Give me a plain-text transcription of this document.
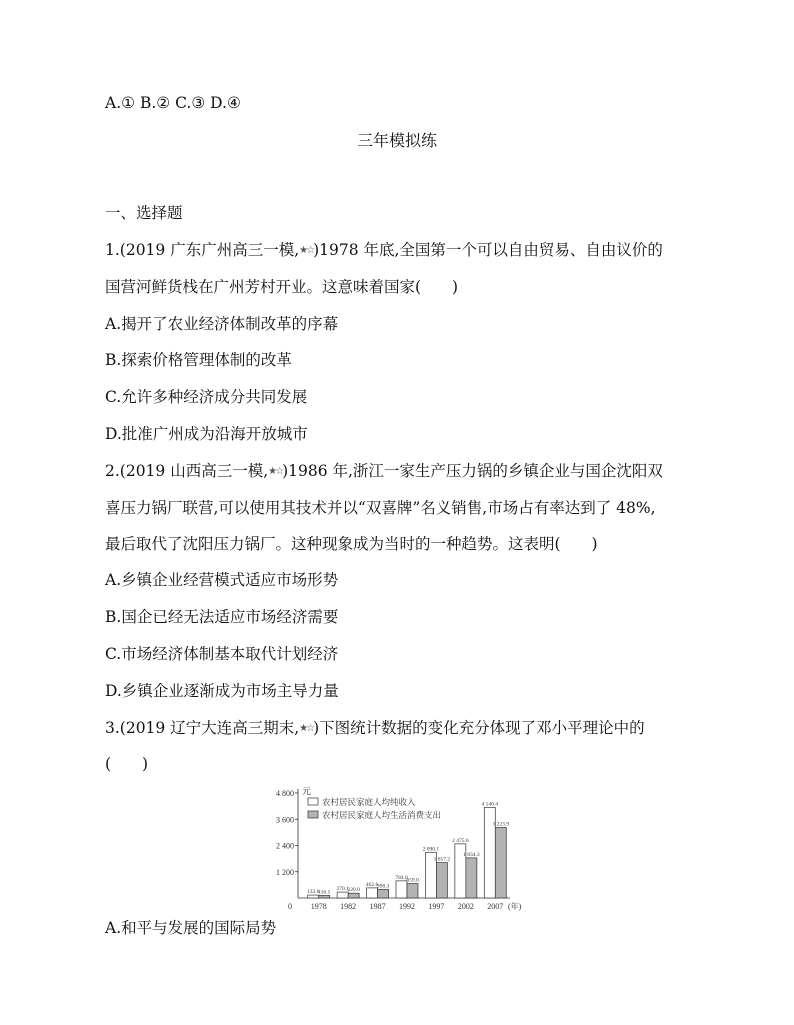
A.① B.② C.③ D.④
三年模拟练
一、选择题
1.(2019 广东广州高三一模,★☆)1978 年底,全国第一个可以自由贸易、自由议价的
国营河鲜货栈在广州芳村开业。这意味着国家(　　)
A.揭开了农业经济体制改革的序幕
B.探索价格管理体制的改革
C.允许多种经济成分共同发展
D.批准广州成为沿海开放城市
2.(2019 山西高三一模,★☆)1986 年,浙江一家生产压力锅的乡镇企业与国企沈阳双
喜压力锅厂联营,可以使用其技术并以“双喜牌”名义销售,市场占有率达到了 48%,
最后取代了沈阳压力锅厂。这种现象成为当时的一种趋势。这表明(　　)
A.乡镇企业经营模式适应市场形势
B.国企已经无法适应市场经济需要
C.市场经济体制基本取代计划经济
D.乡镇企业逐渐成为市场主导力量
3.(2019 辽宁大连高三期末,★☆)下图统计数据的变化充分体现了邓小平理论中的
(　　)
元
0
1 200
2 400
3 600
4 800
1978
133.6
116.1
1982
270.1
220.0
1987
462.6
398.3
1992
784.0
659.0
1997
2 090.1
1 617.2
2002
2 475.6
1 834.3
2007
4 140.4
3 223.9
(年)
农村居民家庭人均纯收入
农村居民家庭人均生活消费支出
A.和平与发展的国际局势
